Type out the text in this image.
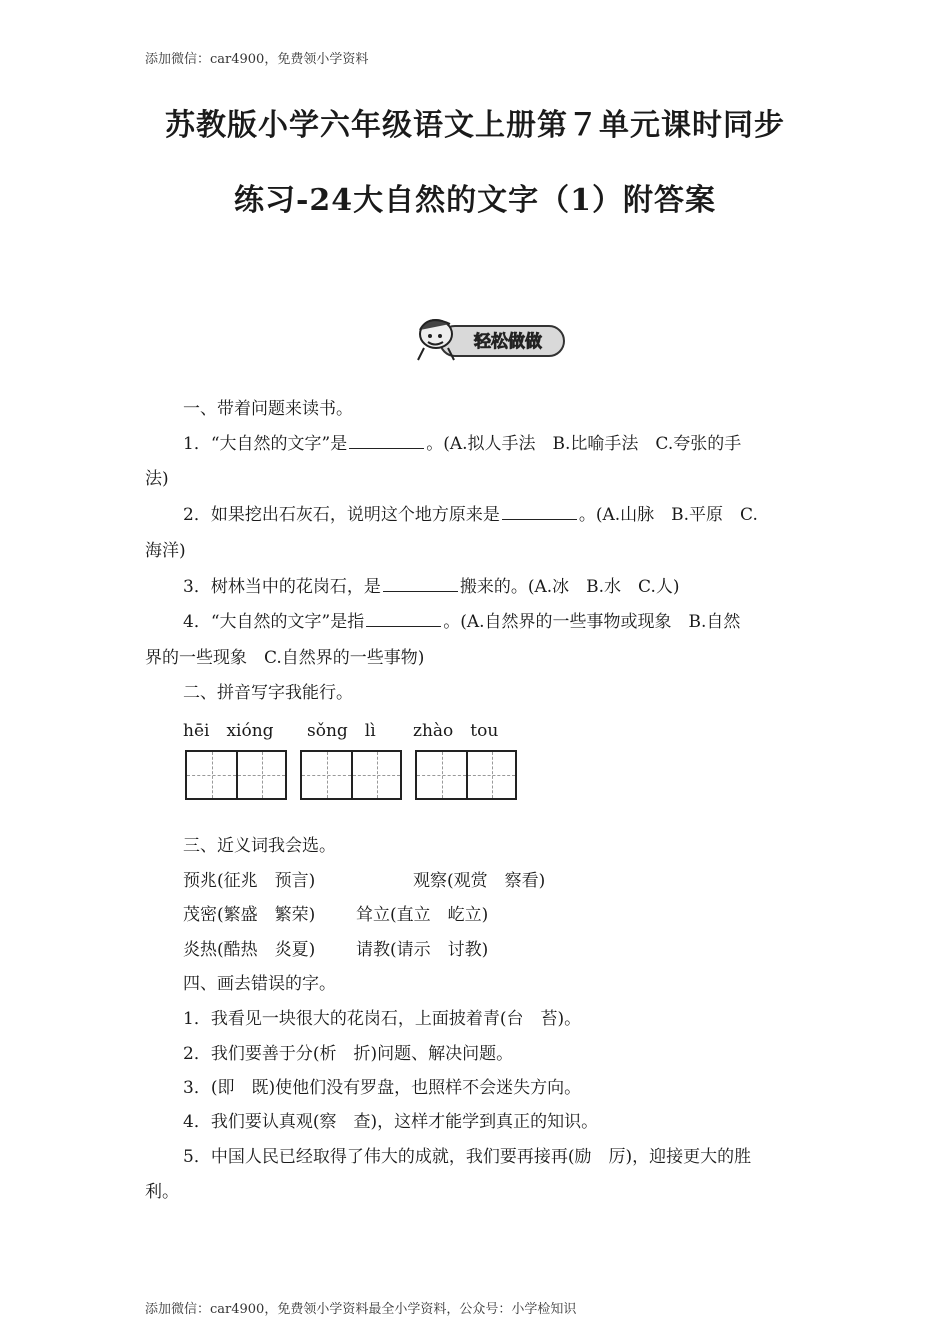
添加微信：car4900，免费领小学资料
苏教版小学六年级语文上册第７单元课时同步
练习-24大自然的文字（1）附答案
轻松做做
一、带着问题来读书。
1．“大自然的文字”是	。(A.拟人手法　B.比喻手法　C.夸张的手
法)
2．如果挖出石灰石，说明这个地方原来是	。(A.山脉　B.平原　C.
海洋)
3．树林当中的花岗石，是	搬来的。(A.冰　B.水　C.人)
4．“大自然的文字”是指	。(A.自然界的一些事物或现象　B.自然
界的一些现象　C.自然界的一些事物)
二、拼音写字我能行。
hēi　xióng sǒng　lì zhào　tou
三、近义词我会选。
预兆(征兆　预言)	观察(观赏　察看)
茂密(繁盛　繁荣) 耸立(直立　屹立)
炎热(酷热　炎夏) 请教(请示　讨教)
四、画去错误的字。
1．我看见一块很大的花岗石，上面披着青(台　苔)。
2．我们要善于分(析　折)问题、解决问题。
3．(即　既)使他们没有罗盘，也照样不会迷失方向。
4．我们要认真观(察　查)，这样才能学到真正的知识。
5．中国人民已经取得了伟大的成就，我们要再接再(励　厉)，迎接更大的胜
利。
添加微信：car4900，免费领小学资料最全小学资料，公众号：小学检知识
